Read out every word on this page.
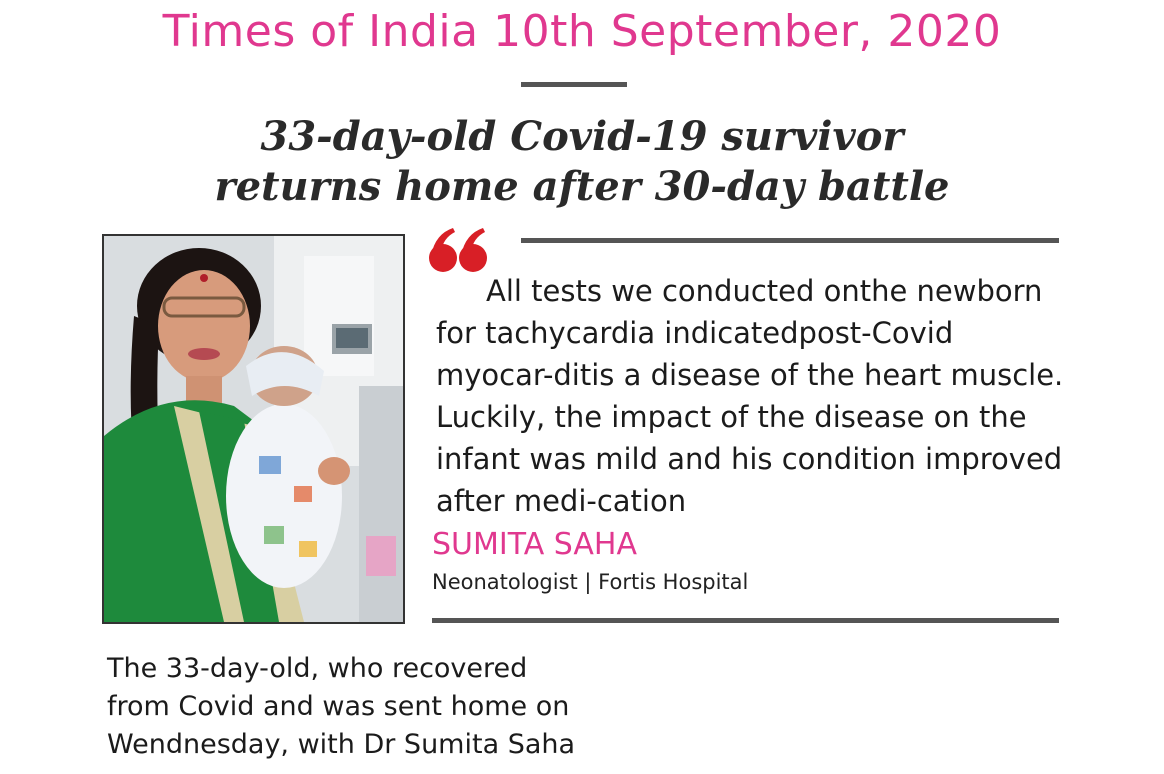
Times of India 10th September, 2020
33-day-old Covid-19 survivor
returns home after 30-day battle
All tests we conducted onthe newborn for tachycardia indicatedpost-Covid myocar-ditis a disease of the heart muscle. Luckily, the impact of the disease on the infant was mild and his condition improved after medi-cation
SUMITA SAHA
Neonatologist | Fortis Hospital
The 33-day-old, who recovered
from Covid and was sent home on
Wendnesday, with Dr Sumita Saha
